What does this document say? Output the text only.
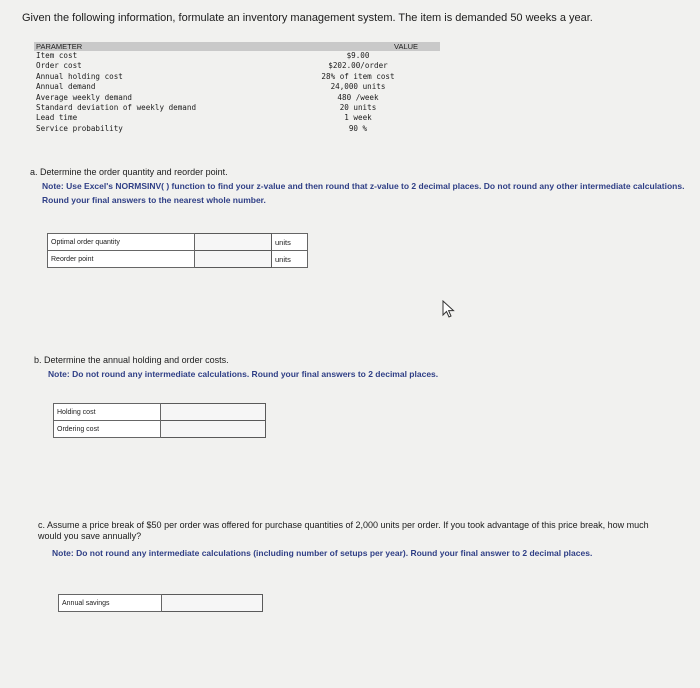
Given the following information, formulate an inventory management system. The item is demanded 50 weeks a year.
PARAMETER	VALUE
Item cost	$9.00
Order cost	$202.00/order
Annual holding cost	28% of item cost
Annual demand	24,000 units
Average weekly demand	480 /week
Standard deviation of weekly demand	20 units
Lead time	1 week
Service probability	90 %
a. Determine the order quantity and reorder point.
Note: Use Excel's NORMSINV( ) function to find your z-value and then round that z-value to 2 decimal places. Do not round any other intermediate calculations. Round your final answers to the nearest whole number.
Optimal order quantity		units
Reorder point		units
b. Determine the annual holding and order costs.
Note: Do not round any intermediate calculations. Round your final answers to 2 decimal places.
Holding cost	
Ordering cost	
c. Assume a price break of $50 per order was offered for purchase quantities of 2,000 units per order. If you took advantage of this price break, how much would you save annually?
Note: Do not round any intermediate calculations (including number of setups per year). Round your final answer to 2 decimal places.
Annual savings	
